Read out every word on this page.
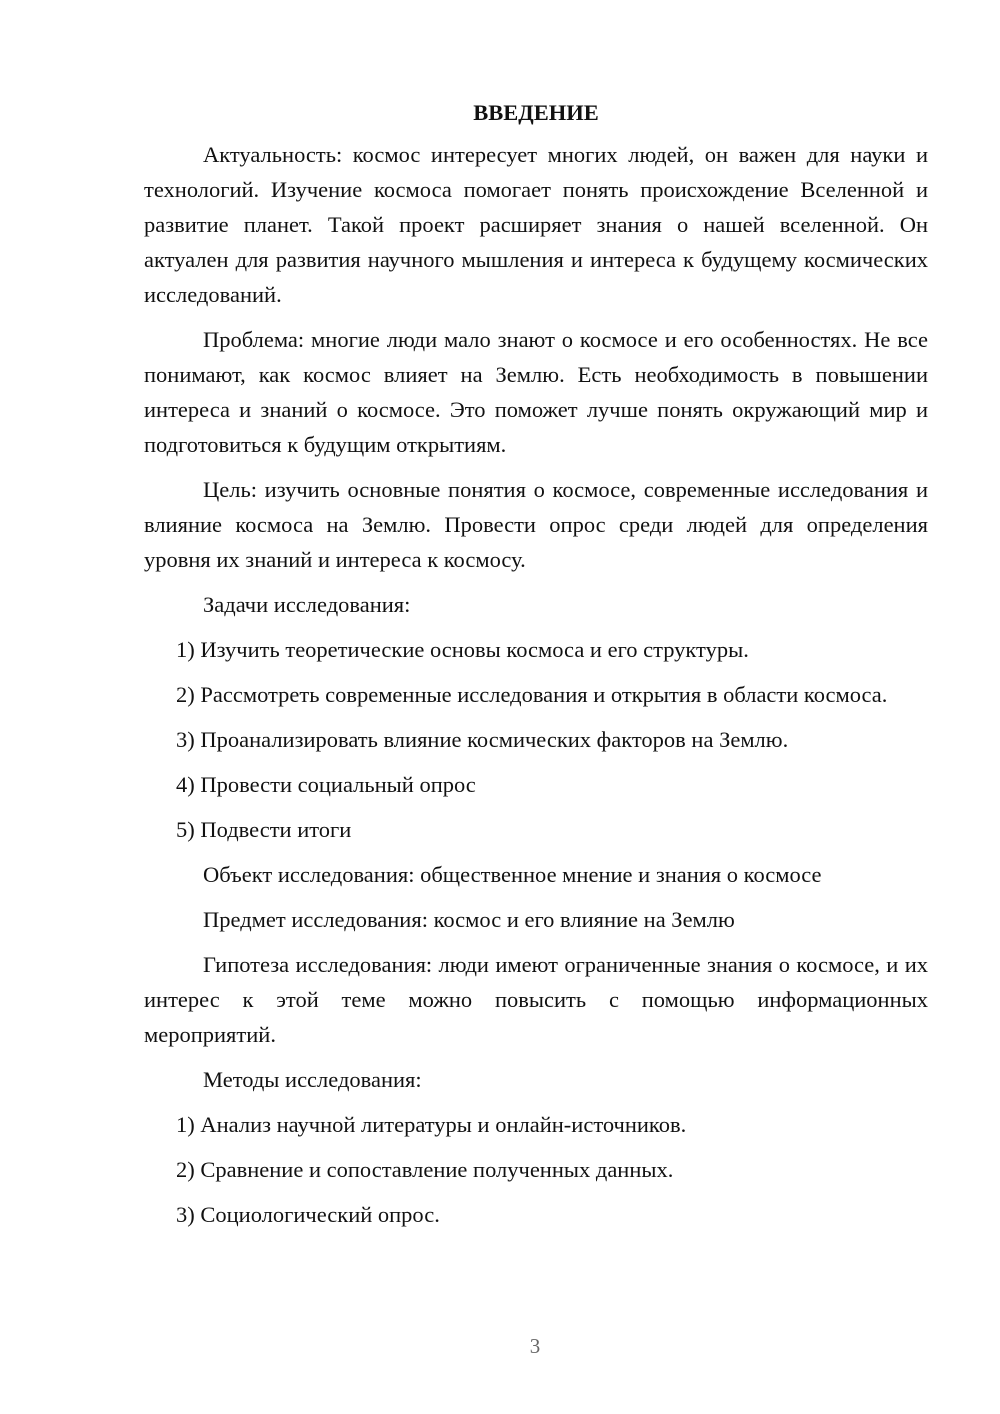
ВВЕДЕНИЕ

Актуальность: космос интересует многих людей, он важен для науки и технологий. Изучение космоса помогает понять происхождение Вселенной и развитие планет. Такой проект расширяет знания о нашей вселенной. Он актуален для развития научного мышления и интереса к будущему космических исследований.

Проблема: многие люди мало знают о космосе и его особенностях. Не все понимают, как космос влияет на Землю. Есть необходимость в повышении интереса и знаний о космосе. Это поможет лучше понять окружающий мир и подготовиться к будущим открытиям.

Цель: изучить основные понятия о космосе, современные исследования и влияние космоса на Землю. Провести опрос среди людей для определения уровня их знаний и интереса к космосу.

Задачи исследования:

1) Изучить теоретические основы космоса и его структуры.

2) Рассмотреть современные исследования и открытия в области космоса.

3) Проанализировать влияние космических факторов на Землю.

4) Провести социальный опрос

5) Подвести итоги

Объект исследования: общественное мнение и знания о космосе

Предмет исследования: космос и его влияние на Землю

Гипотеза исследования: люди имеют ограниченные знания о космосе, и их интерес к этой теме можно повысить с помощью информационных мероприятий.

Методы исследования:

1) Анализ научной литературы и онлайн-источников.

2) Сравнение и сопоставление полученных данных.

3) Социологический опрос.

3
